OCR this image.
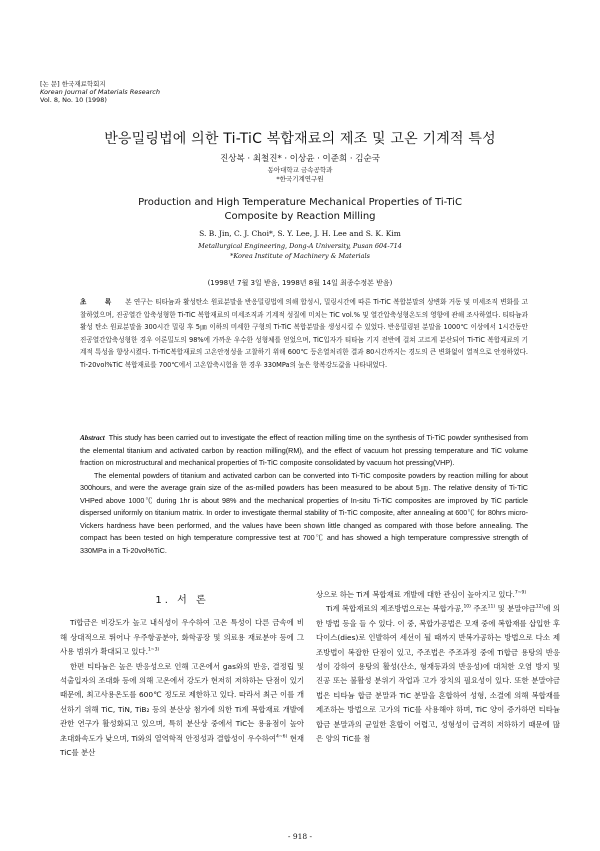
[논 문] 한국재료학회지
Korean Journal of Materials Research
Vol. 8, No. 10 (1998)
반응밀링법에 의한 Ti-TiC 복합재료의 제조 및 고온 기계적 특성
진상복 · 최철진* · 이상윤 · 이준희 · 김순국
동아대학교 금속공학과
*한국기계연구원
Production and High Temperature Mechanical Properties of Ti-TiC
Composite by Reaction Milling
S. B. Jin, C. J. Choi*, S. Y. Lee, J. H. Lee and S. K. Kim
Metallurgical Engineering, Dong-A University, Pusan 604-714
*Korea Institute of Machinery & Materials
(1998년 7월 3일 받음, 1998년 8월 14일 최종수정본 받음)
초 록 본 연구는 티타늄과 활성탄소 원료분말을 반응밀링법에 의해 합성시, 밀링시간에 따른 Ti-TiC 복합분말의 상변화 거동 및 미세조직 변화를 고찰하였으며, 진공열간 압축성형한 Ti-TiC 복합재료의 미세조직과 기계적 성질에 미치는 TiC vol.% 및 열간압축성형온도의 영향에 관해 조사하였다. 티타늄과 활성 탄소 원료분말을 300시간 밀링 후 5㎛ 이하의 미세한 구형의 Ti-TiC 복합분말을 생성시킬 수 있었다. 반응밀링된 분말을 1000℃ 이상에서 1시간동안 진공열간압축성형한 경우 이론밀도의 98%에 가까운 우수한 성형체를 얻었으며, TiC입자가 티타늄 기지 전반에 걸쳐 고르게 분산되어 Ti-TiC 복합재료의 기계적 특성을 향상시켰다. Ti-TiC복합재료의 고온안정성을 고찰하기 위해 600℃ 등온열처리한 결과 80시간까지는 경도의 큰 변화없이 열적으로 안정하였다. Ti-20vol%TiC 복합재료를 700℃에서 고온압축시험을 한 경우 330MPa의 높은 항복강도값을 나타내었다.

Abstract This study has been carried out to investigate the effect of reaction milling time on the synthesis of Ti-TiC powder synthesised from the elemental titanium and activated carbon by reaction milling(RM), and the effect of vacuum hot pressing temperature and TiC volume fraction on microstructural and mechanical properties of Ti-TiC composite consolidated by vacuum hot pressing(VHP).

The elemental powders of titanium and activated carbon can be converted into Ti-TiC composite powders by reaction milling for about 300hours, and were the average grain size of the as-milled powders has been measured to be about 5㎛. The relative density of Ti-TiC VHPed above 1000℃ during 1hr is about 98% and the mechanical properties of In-situ Ti-TiC composites are improved by TiC particle dispersed uniformly on titanium matrix. In order to investigate thermal stability of Ti-TiC composite, after annealing at 600℃ for 80hrs micro-Vickers hardness have been performed, and the values have been shown little changed as compared with those before annealing. The compact has been tested on high temperature compressive test at 700℃ and has showed a high temperature compressive strength of 330MPa in a Ti-20vol%TiC.

1. 서 론

Ti합금은 비강도가 높고 내식성이 우수하여 고온 특성이 다른 금속에 비해 상대적으로 뛰어나 우주항공분야, 화학공장 및 의료용 재료분야 등에 그 사용 범위가 확대되고 있다.$^{1\sim 3)}$

한편 티타늄은 높은 반응성으로 인해 고온에서 gas와의 반응, 결정립 및 석출입자의 조대화 등에 의해 고온에서 강도가 현저히 저하하는 단점이 있기 때문에, 최고사용온도를 600℃ 정도로 제한하고 있다. 따라서 최근 이를 개선하기 위해 TiC, TiN, TiB₂ 등의 분산상 첨가에 의한 Ti계 복합재료 개발에 관한 연구가 활성화되고 있으며, 특히 분산상 중에서 TiC는 용융점이 높아 초대화속도가 낮으며, Ti와의 열역학적 안정성과 결합성이 우수하여$^{4\sim 6)}$ 현재 TiC를 분산

상으로 하는 Ti계 복합재료 개발에 대한 관심이 높아지고 있다.$^{7\sim 9)}$

Ti계 복합재료의 제조방법으로는 복합가공,$^{10)}$ 주조$^{11)}$ 및 분말야금$^{12)}$에 의한 방법 등을 들 수 있다. 이 중, 복합가공법은 모재 중에 복합재를 삽입한 후 다이스(dies)로 인발하여 세선이 될 때까지 반복가공하는 방법으로 다소 제조방법이 복잡한 단점이 있고, 주조법은 주조과정 중에 Ti합금 용탕의 반응성이 강하여 용탕의 활성(산소, 형재등과의 반응성)에 대처한 오염 방지 및 진공 또는 불활성 분위기 작업과 고가 장치의 필요성이 있다. 또한 분말야금법은 티타늄 합금 분말과 TiC 분말을 혼합하여 성형, 소결에 의해 복합재를 제조하는 방법으로 고가의 TiC를 사용해야 하며, TiC 양이 증가하면 티타늄 합금 분말과의 균일한 혼합이 어렵고, 성형성이 급격히 저하하기 때문에 많은 양의 TiC를 첨

- 918 -
